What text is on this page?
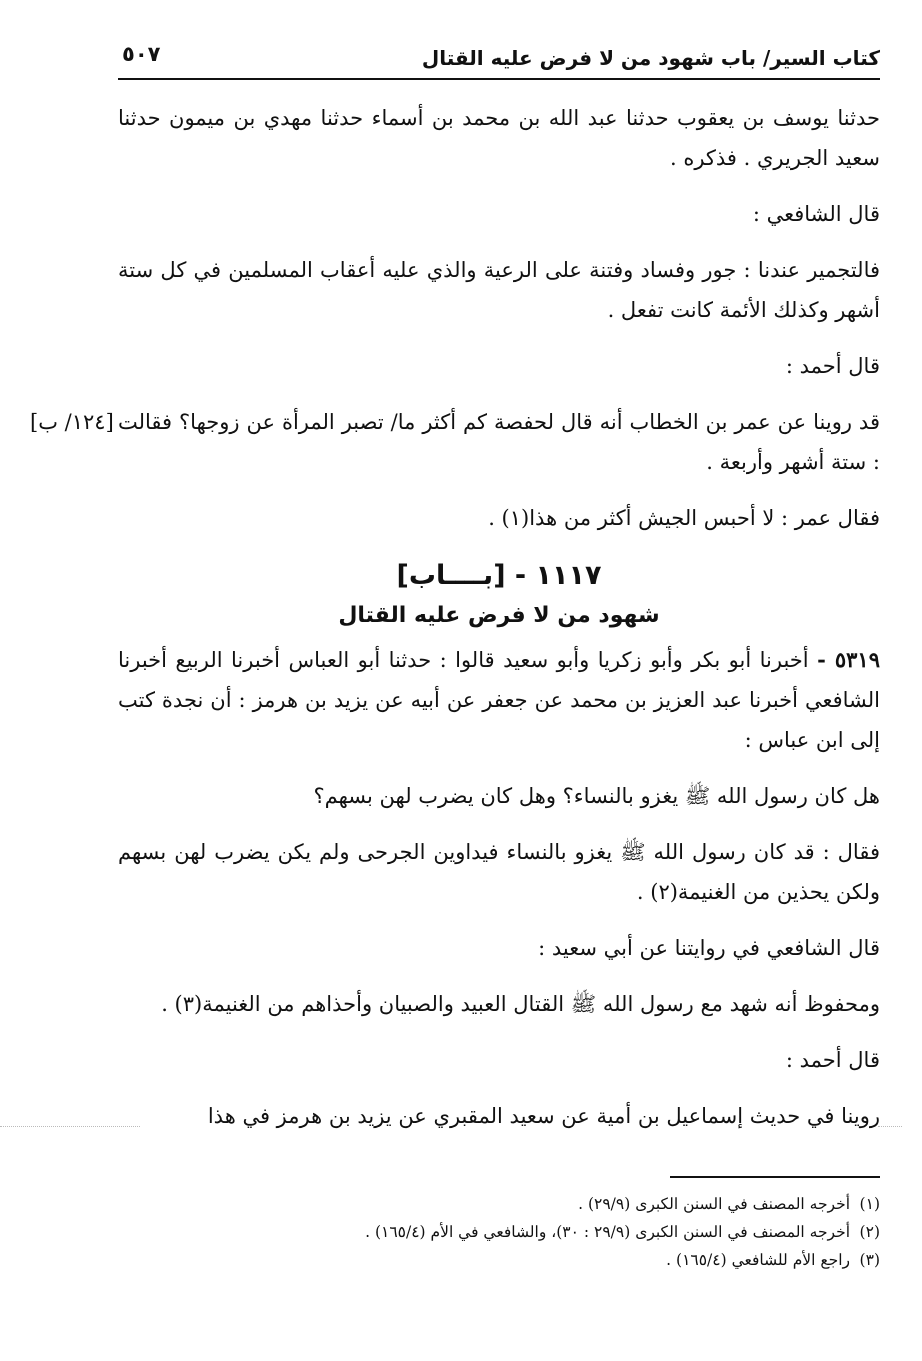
كتاب السير/ باب شهود من لا فرض عليه القتال
٥٠٧

حدثنا يوسف بن يعقوب حدثنا عبد الله بن محمد بن أسماء حدثنا مهدي بن ميمون حدثنا سعيد الجريري . فذكره .

قال الشافعي :

فالتجمير عندنا : جور وفساد وفتنة على الرعية والذي عليه أعقاب المسلمين في كل ستة أشهر وكذلك الأئمة كانت تفعل .

قال أحمد :

قد روينا عن عمر بن الخطاب أنه قال لحفصة كم أكثر ما/ تصبر المرأة عن زوجها؟ فقالت : ستة أشهر وأربعة .

[١٢٤/ ب]

فقال عمر : لا أحبس الجيش أكثر من هذا(١) .

١١١٧ - [بــــاب]
شهود من لا فرض عليه القتال

٥٣١٩ - أخبرنا أبو بكر وأبو زكريا وأبو سعيد قالوا : حدثنا أبو العباس أخبرنا الربيع أخبرنا الشافعي أخبرنا عبد العزيز بن محمد عن جعفر عن أبيه عن يزيد بن هرمز : أن نجدة كتب إلى ابن عباس :

هل كان رسول الله ﷺ يغزو بالنساء؟ وهل كان يضرب لهن بسهم؟

فقال : قد كان رسول الله ﷺ يغزو بالنساء فيداوين الجرحى ولم يكن يضرب لهن بسهم ولكن يحذين من الغنيمة(٢) .

قال الشافعي في روايتنا عن أبي سعيد :

ومحفوظ أنه شهد مع رسول الله ﷺ القتال العبيد والصبيان وأحذاهم من الغنيمة(٣) .

قال أحمد :

روينا في حديث إسماعيل بن أمية عن سعيد المقبري عن يزيد بن هرمز في هذا

(١)أخرجه المصنف في السنن الكبرى (٢٩/٩) .

(٢)أخرجه المصنف في السنن الكبرى (٢٩/٩ : ٣٠)، والشافعي في الأم (١٦٥/٤) .

(٣)راجع الأم للشافعي (١٦٥/٤) .
